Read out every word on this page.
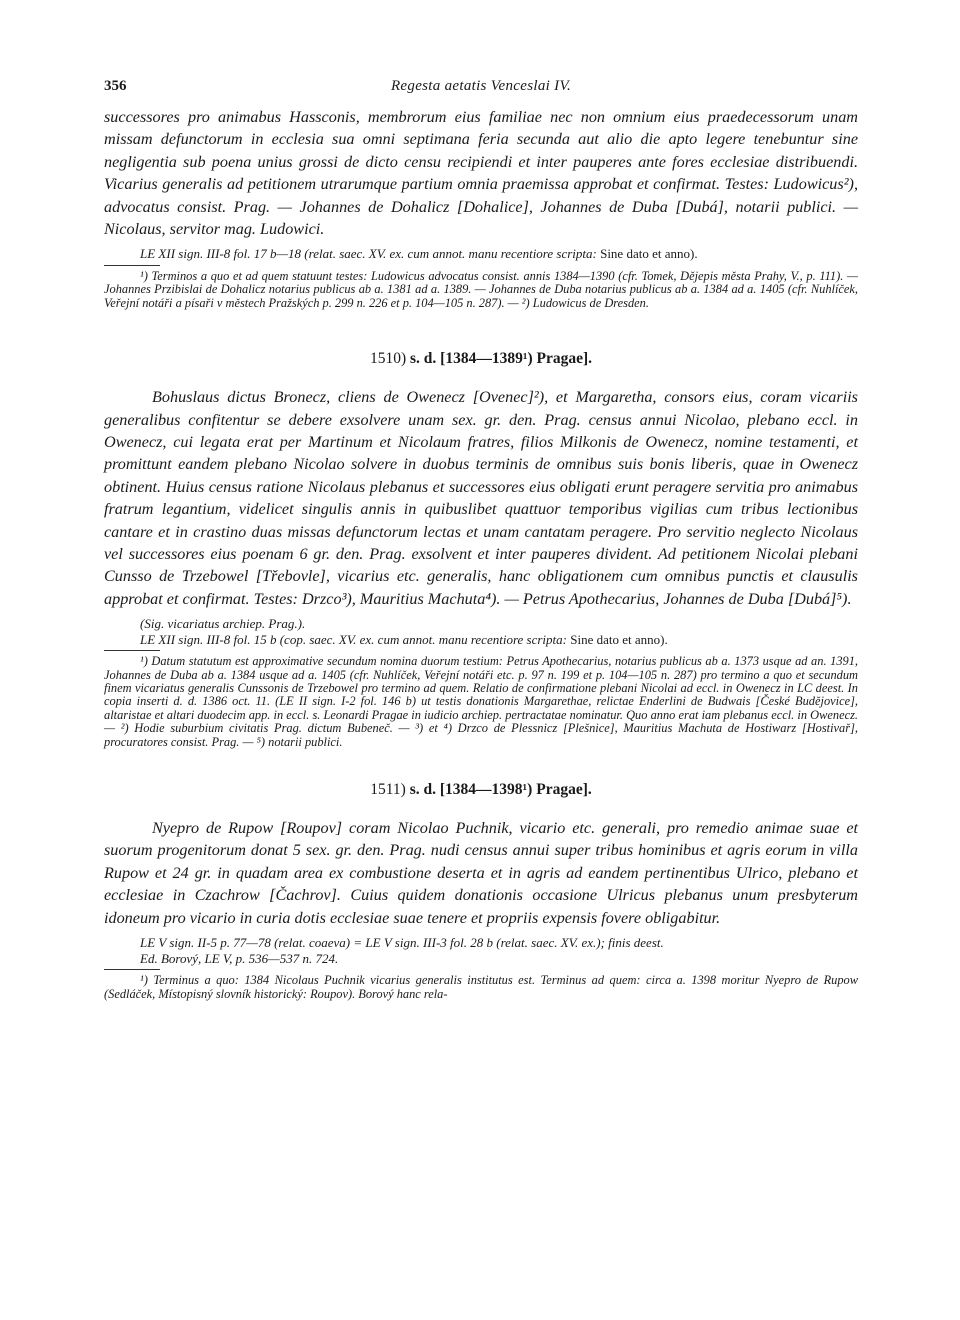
356	Regesta aetatis Venceslai IV.

successores pro animabus Hassconis, membrorum eius familiae nec non omnium eius praedecessorum unam missam defunctorum in ecclesia sua omni septimana feria secunda aut alio die apto legere tenebuntur sine negligentia sub poena unius grossi de dicto censu recipiendi et inter pauperes ante fores ecclesiae distribuendi. Vicarius generalis ad petitionem utrarumque partium omnia praemissa approbat et confirmat. Testes: Ludowicus²), advocatus consist. Prag. — Johannes de Dohalicz [Dohalice], Johannes de Duba [Dubá], notarii publici. — Nicolaus, servitor mag. Ludowici.

LE XII sign. III-8 fol. 17 b—18 (relat. saec. XV. ex. cum annot. manu recentiore scripta: Sine dato et anno).

¹) Terminos a quo et ad quem statuunt testes: Ludowicus advocatus consist. annis 1384—1390 (cfr. Tomek, Dějepis města Prahy, V., p. 111). — Johannes Przibislai de Dohalicz notarius publicus ab a. 1381 ad a. 1389. — Johannes de Duba notarius publicus ab a. 1384 ad a. 1405 (cfr. Nuhlíček, Veřejní notáři a písaři v městech Pražských p. 299 n. 226 et p. 104—105 n. 287). — ²) Ludowicus de Dresden.

1510) s. d. [1384—1389¹) Pragae].

Bohuslaus dictus Bronecz, cliens de Owenecz [Ovenec]²), et Margaretha, consors eius, coram vicariis generalibus confitentur se debere exsolvere unam sex. gr. den. Prag. census annui Nicolao, plebano eccl. in Owenecz, cui legata erat per Martinum et Nicolaum fratres, filios Milkonis de Owenecz, nomine testamenti, et promittunt eandem plebano Nicolao solvere in duobus terminis de omnibus suis bonis liberis, quae in Owenecz obtinent. Huius census ratione Nicolaus plebanus et successores eius obligati erunt peragere servitia pro animabus fratrum legantium, videlicet singulis annis in quibuslibet quattuor temporibus vigilias cum tribus lectionibus cantare et in crastino duas missas defunctorum lectas et unam cantatam peragere. Pro servitio neglecto Nicolaus vel successores eius poenam 6 gr. den. Prag. exsolvent et inter pauperes divident. Ad petitionem Nicolai plebani Cunsso de Trzebowel [Třebovle], vicarius etc. generalis, hanc obligationem cum omnibus punctis et clausulis approbat et confirmat. Testes: Drzco³), Mauritius Machuta⁴). — Petrus Apothecarius, Johannes de Duba [Dubá]⁵).

(Sig. vicariatus archiep. Prag.).

LE XII sign. III-8 fol. 15 b (cop. saec. XV. ex. cum annot. manu recentiore scripta: Sine dato et anno).

¹) Datum statutum est approximative secundum nomina duorum testium: Petrus Apothecarius, notarius publicus ab a. 1373 usque ad an. 1391, Johannes de Duba ab a. 1384 usque ad a. 1405 (cfr. Nuhlíček, Veřejní notáři etc. p. 97 n. 199 et p. 104—105 n. 287) pro termino a quo et secundum finem vicariatus generalis Cunssonis de Trzebowel pro termino ad quem. Relatio de confirmatione plebani Nicolai ad eccl. in Owenecz in LC deest. In copia inserti d. d. 1386 oct. 11. (LE II sign. I-2 fol. 146 b) ut testis donationis Margarethae, relictae Enderlini de Budwais [České Budějovice], altaristae et altari duodecim app. in eccl. s. Leonardi Pragae in iudicio archiep. pertractatae nominatur. Quo anno erat iam plebanus eccl. in Owenecz. — ²) Hodie suburbium civitatis Prag. dictum Bubeneč. — ³) et ⁴) Drzco de Plessnicz [Plešnice], Mauritius Machuta de Hostiwarz [Hostivař], procuratores consist. Prag. — ⁵) notarii publici.

1511) s. d. [1384—1398¹) Pragae].

Nyepro de Rupow [Roupov] coram Nicolao Puchnik, vicario etc. generali, pro remedio animae suae et suorum progenitorum donat 5 sex. gr. den. Prag. nudi census annui super tribus hominibus et agris eorum in villa Rupow et 24 gr. in quadam area ex combustione deserta et in agris ad eandem pertinentibus Ulrico, plebano et ecclesiae in Czachrow [Čachrov]. Cuius quidem donationis occasione Ulricus plebanus unum presbyterum idoneum pro vicario in curia dotis ecclesiae suae tenere et propriis expensis fovere obligabitur.

LE V sign. II-5 p. 77—78 (relat. coaeva) = LE V sign. III-3 fol. 28 b (relat. saec. XV. ex.); finis deest.

Ed. Borový, LE V, p. 536—537 n. 724.

¹) Terminus a quo: 1384 Nicolaus Puchnik vicarius generalis institutus est. Terminus ad quem: circa a. 1398 moritur Nyepro de Rupow (Sedláček, Místopisný slovník historický: Roupov). Borový hanc rela-
